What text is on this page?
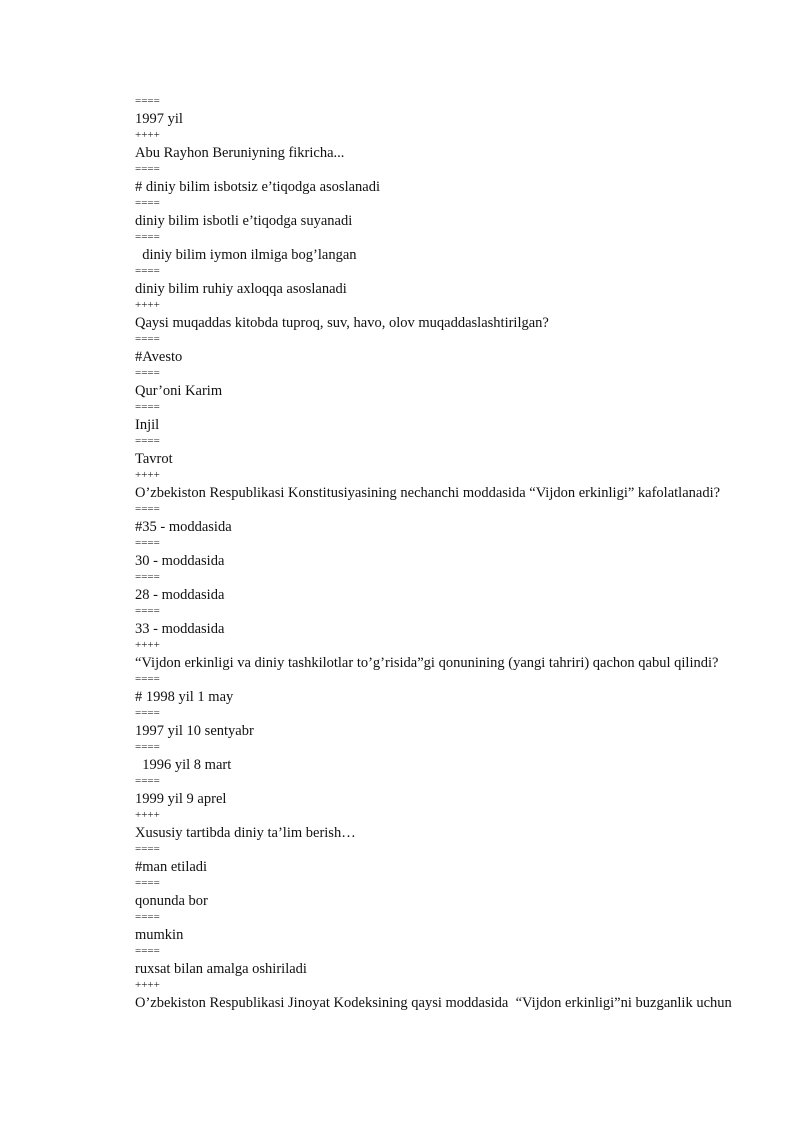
====

1997 yil

++++

Abu Rayhon Beruniyning fikricha...

====

# diniy bilim isbotsiz e’tiqodga asoslanadi

====

diniy bilim isbotli e’tiqodga suyanadi

====

diniy bilim iymon ilmiga bog’langan

====

diniy bilim ruhiy axloqqa asoslanadi

++++

Qaysi muqaddas kitobda tuproq, suv, havo, olov muqaddaslashtirilgan?

====

#Avesto

====

Qur’oni Karim

====

Injil

====

Tavrot

++++

O’zbekiston Respublikasi Konstitusiyasining nechanchi moddasida “Vijdon erkinligi” kafolatlanadi?

====

#35 - moddasida

====

30 - moddasida

====

28 - moddasida

====

33 - moddasida

++++

“Vijdon erkinligi va diniy tashkilotlar to’g’risida”gi qonunining (yangi tahriri) qachon qabul qilindi?

====

# 1998 yil 1 may

====

1997 yil 10 sentyabr

====

1996 yil 8 mart

====

1999 yil 9 aprel

++++

Xususiy tartibda diniy ta’lim berish…

====

#man etiladi

====

qonunda bor

====

mumkin

====

ruxsat bilan amalga oshiriladi

++++

O’zbekiston Respublikasi Jinoyat Kodeksining qaysi moddasida  “Vijdon erkinligi”ni buzganlik uchun
